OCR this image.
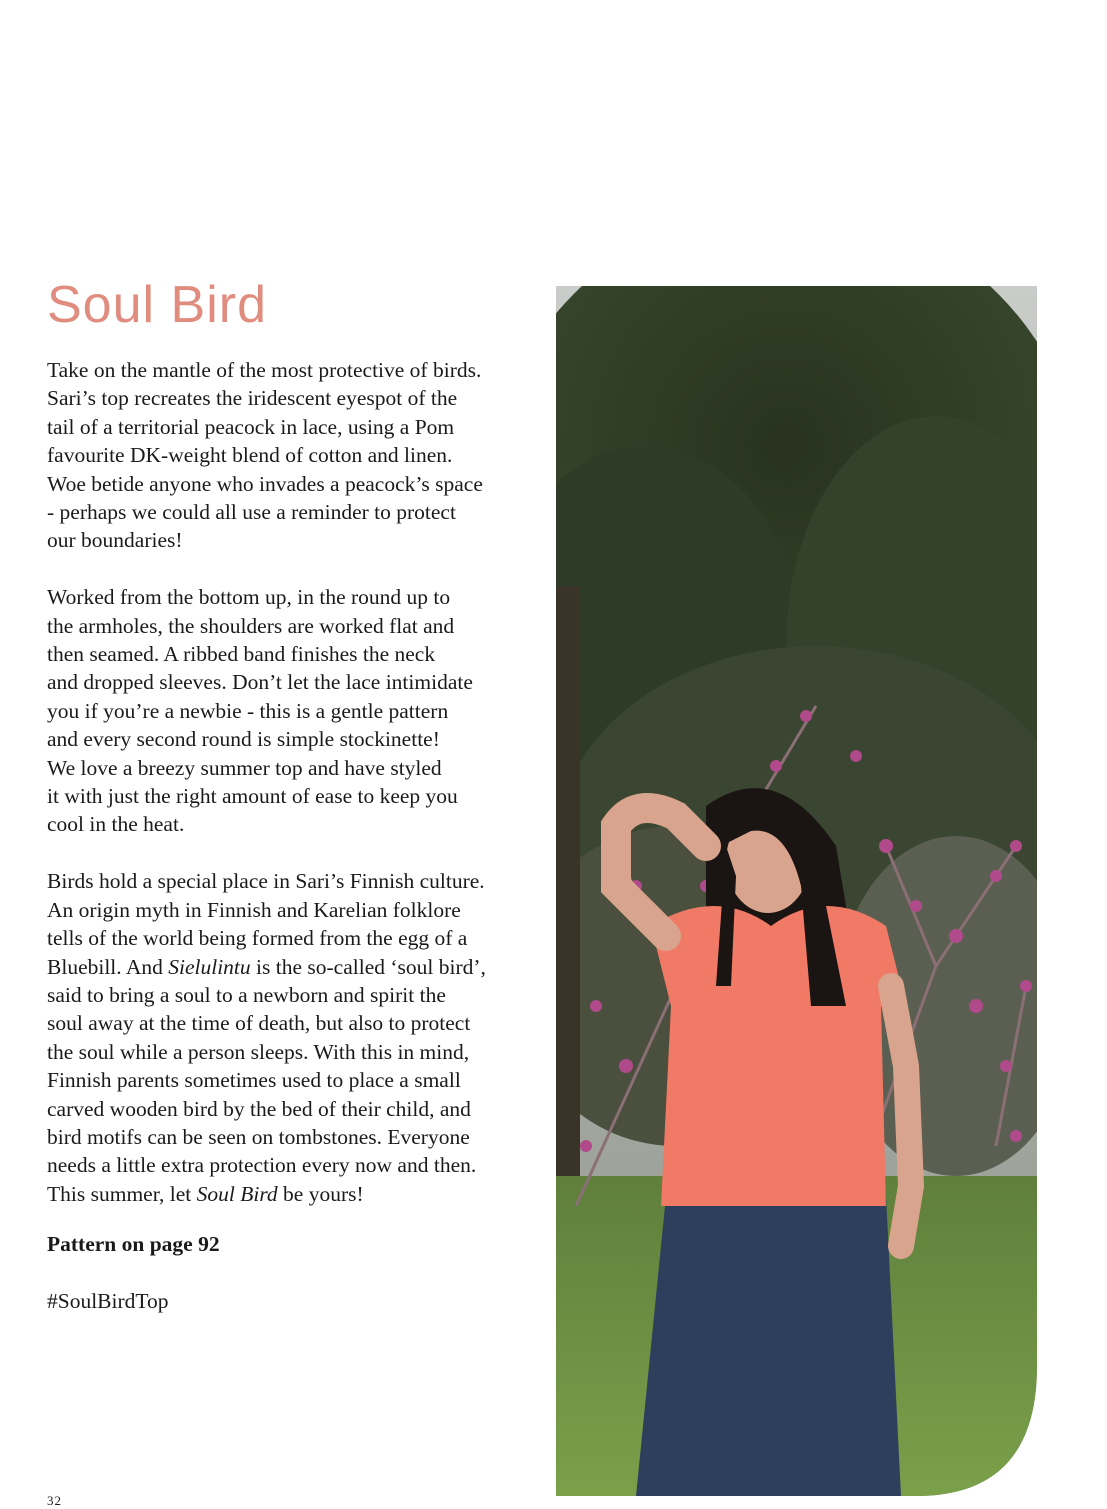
Soul Bird

Take on the mantle of the most protective of birds.
Sari’s top recreates the iridescent eyespot of the
tail of a territorial peacock in lace, using a Pom
favourite DK-weight blend of cotton and linen.
Woe betide anyone who invades a peacock’s space
- perhaps we could all use a reminder to protect
our boundaries!

Worked from the bottom up, in the round up to
the armholes, the shoulders are worked flat and
then seamed. A ribbed band finishes the neck
and dropped sleeves. Don’t let the lace intimidate
you if you’re a newbie - this is a gentle pattern
and every second round is simple stockinette!
We love a breezy summer top and have styled
it with just the right amount of ease to keep you
cool in the heat.

Birds hold a special place in Sari’s Finnish culture.
An origin myth in Finnish and Karelian folklore
tells of the world being formed from the egg of a
Bluebill. And Sielulintu is the so-called ‘soul bird’,
said to bring a soul to a newborn and spirit the
soul away at the time of death, but also to protect
the soul while a person sleeps. With this in mind,
Finnish parents sometimes used to place a small
carved wooden bird by the bed of their child, and
bird motifs can be seen on tombstones. Everyone
needs a little extra protection every now and then.
This summer, let Soul Bird be yours!

Pattern on page 92

#SoulBirdTop

32
